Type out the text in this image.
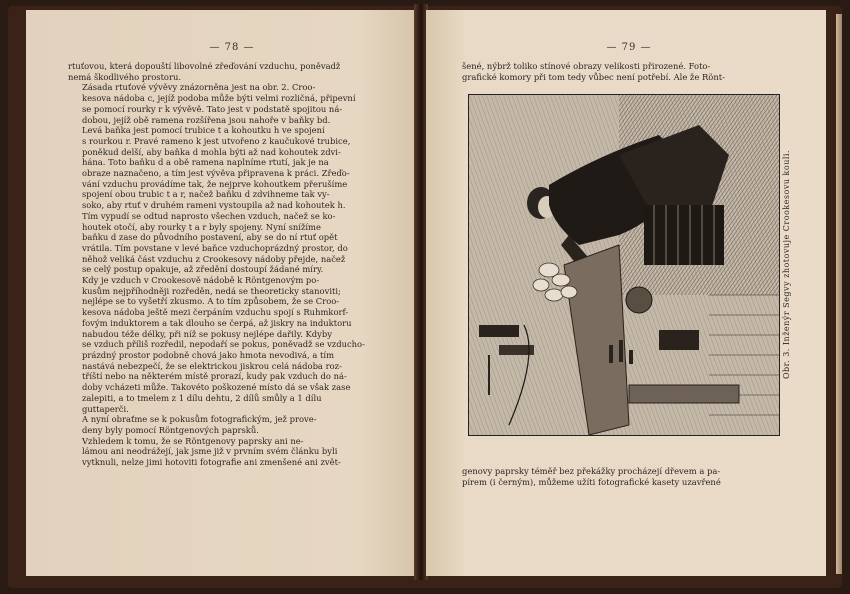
— 78 —

rtuťovou, která dopouští libovolné zřeďování vzduchu, poněvadž
nemá škodlivého prostoru.

Zásada rtuťové vývěvy znázorněna jest na obr. 2. Croo-
kesova nádoba c, jejíž podoba může býti velmi rozličná, připevní
se pomocí rourky r k vývěvě. Tato jest v podstatě spojitou ná-
dobou, jejíž obě ramena rozšířena jsou nahoře v baňky bd.
Levá baňka jest pomocí trubice t a kohoutku h ve spojení
s rourkou r. Pravé rameno k jest utvořeno z kaučukové trubice,
poněkud delší, aby baňka d mohla býti až nad kohoutek zdvi-
hána. Toto baňku d a obě ramena naplníme rtutí, jak je na
obraze naznačeno, a tím jest vývěva připravena k práci. Zřeďo-
vání vzduchu provádíme tak, že nejprve kohoutkem přerušíme
spojení obou trubic t a r, načež baňku d zdvihneme tak vy-
soko, aby rtuť v druhém rameni vystoupila až nad kohoutek h.
Tím vypudí se odtud naprosto všechen vzduch, načež se ko-
houtek otočí, aby rourky t a r byly spojeny. Nyní snížíme
baňku d zase do původního postavení, aby se do ní rtuť opět
vrátila. Tím povstane v levé baňce vzduchoprázdný prostor, do
něhož veliká část vzduchu z Crookesovy nádoby přejde, načež
se celý postup opakuje, až zředění dostoupí žádané míry.

Kdy je vzduch v Crookesově nádobě k Röntgenovým po-
kusům nejpříhodněji rozředěn, nedá se theoreticky stanoviti;
nejlépe se to vyšetří zkusmo. A to tím způsobem, že se Croo-
kesova nádoba ještě mezi čerpáním vzduchu spojí s Ruhmkorf-
fovým induktorem a tak dlouho se čerpá, až jiskry na induktoru
nabudou téže délky, při níž se pokusy nejlépe dařily. Kdyby
se vzduch příliš rozředil, nepodaří se pokus, poněvadž se vzducho-
prázdný prostor podobně chová jako hmota nevodivá, a tím
nastává nebezpečí, že se elektrickou jiskrou celá nádoba roz-
tříští nebo na některém místě prorazí, kudy pak vzduch do ná-
doby vcházeti může. Takovéto poškozené místo dá se však zase
zalepiti, a to tmelem z 1 dílu dehtu, 2 dílů smůly a 1 dílu
guttaperči.

A nyní obraťme se k pokusům fotografickým, jež prove-
deny byly pomocí Röntgenových paprsků.

Vzhledem k tomu, že se Röntgenovy paprsky ani ne-
lámou ani neodrážejí, jak jsme již v prvním svém článku byli
vytknuli, nelze jimi hotoviti fotografie ani zmenšené ani zvět-

— 79 —

šené, nýbrž toliko stínové obrazy velikosti přirozené. Foto-
grafické komory při tom tedy vůbec není potřebí. Ale že Rönt-

Obr. 3. Inženýr Segvy zhotovuje Crookesovu kouli.

genovy paprsky téměř bez překážky procházejí dřevem a pa-
pírem (i černým), můžeme užíti fotografické kasety uzavřené
